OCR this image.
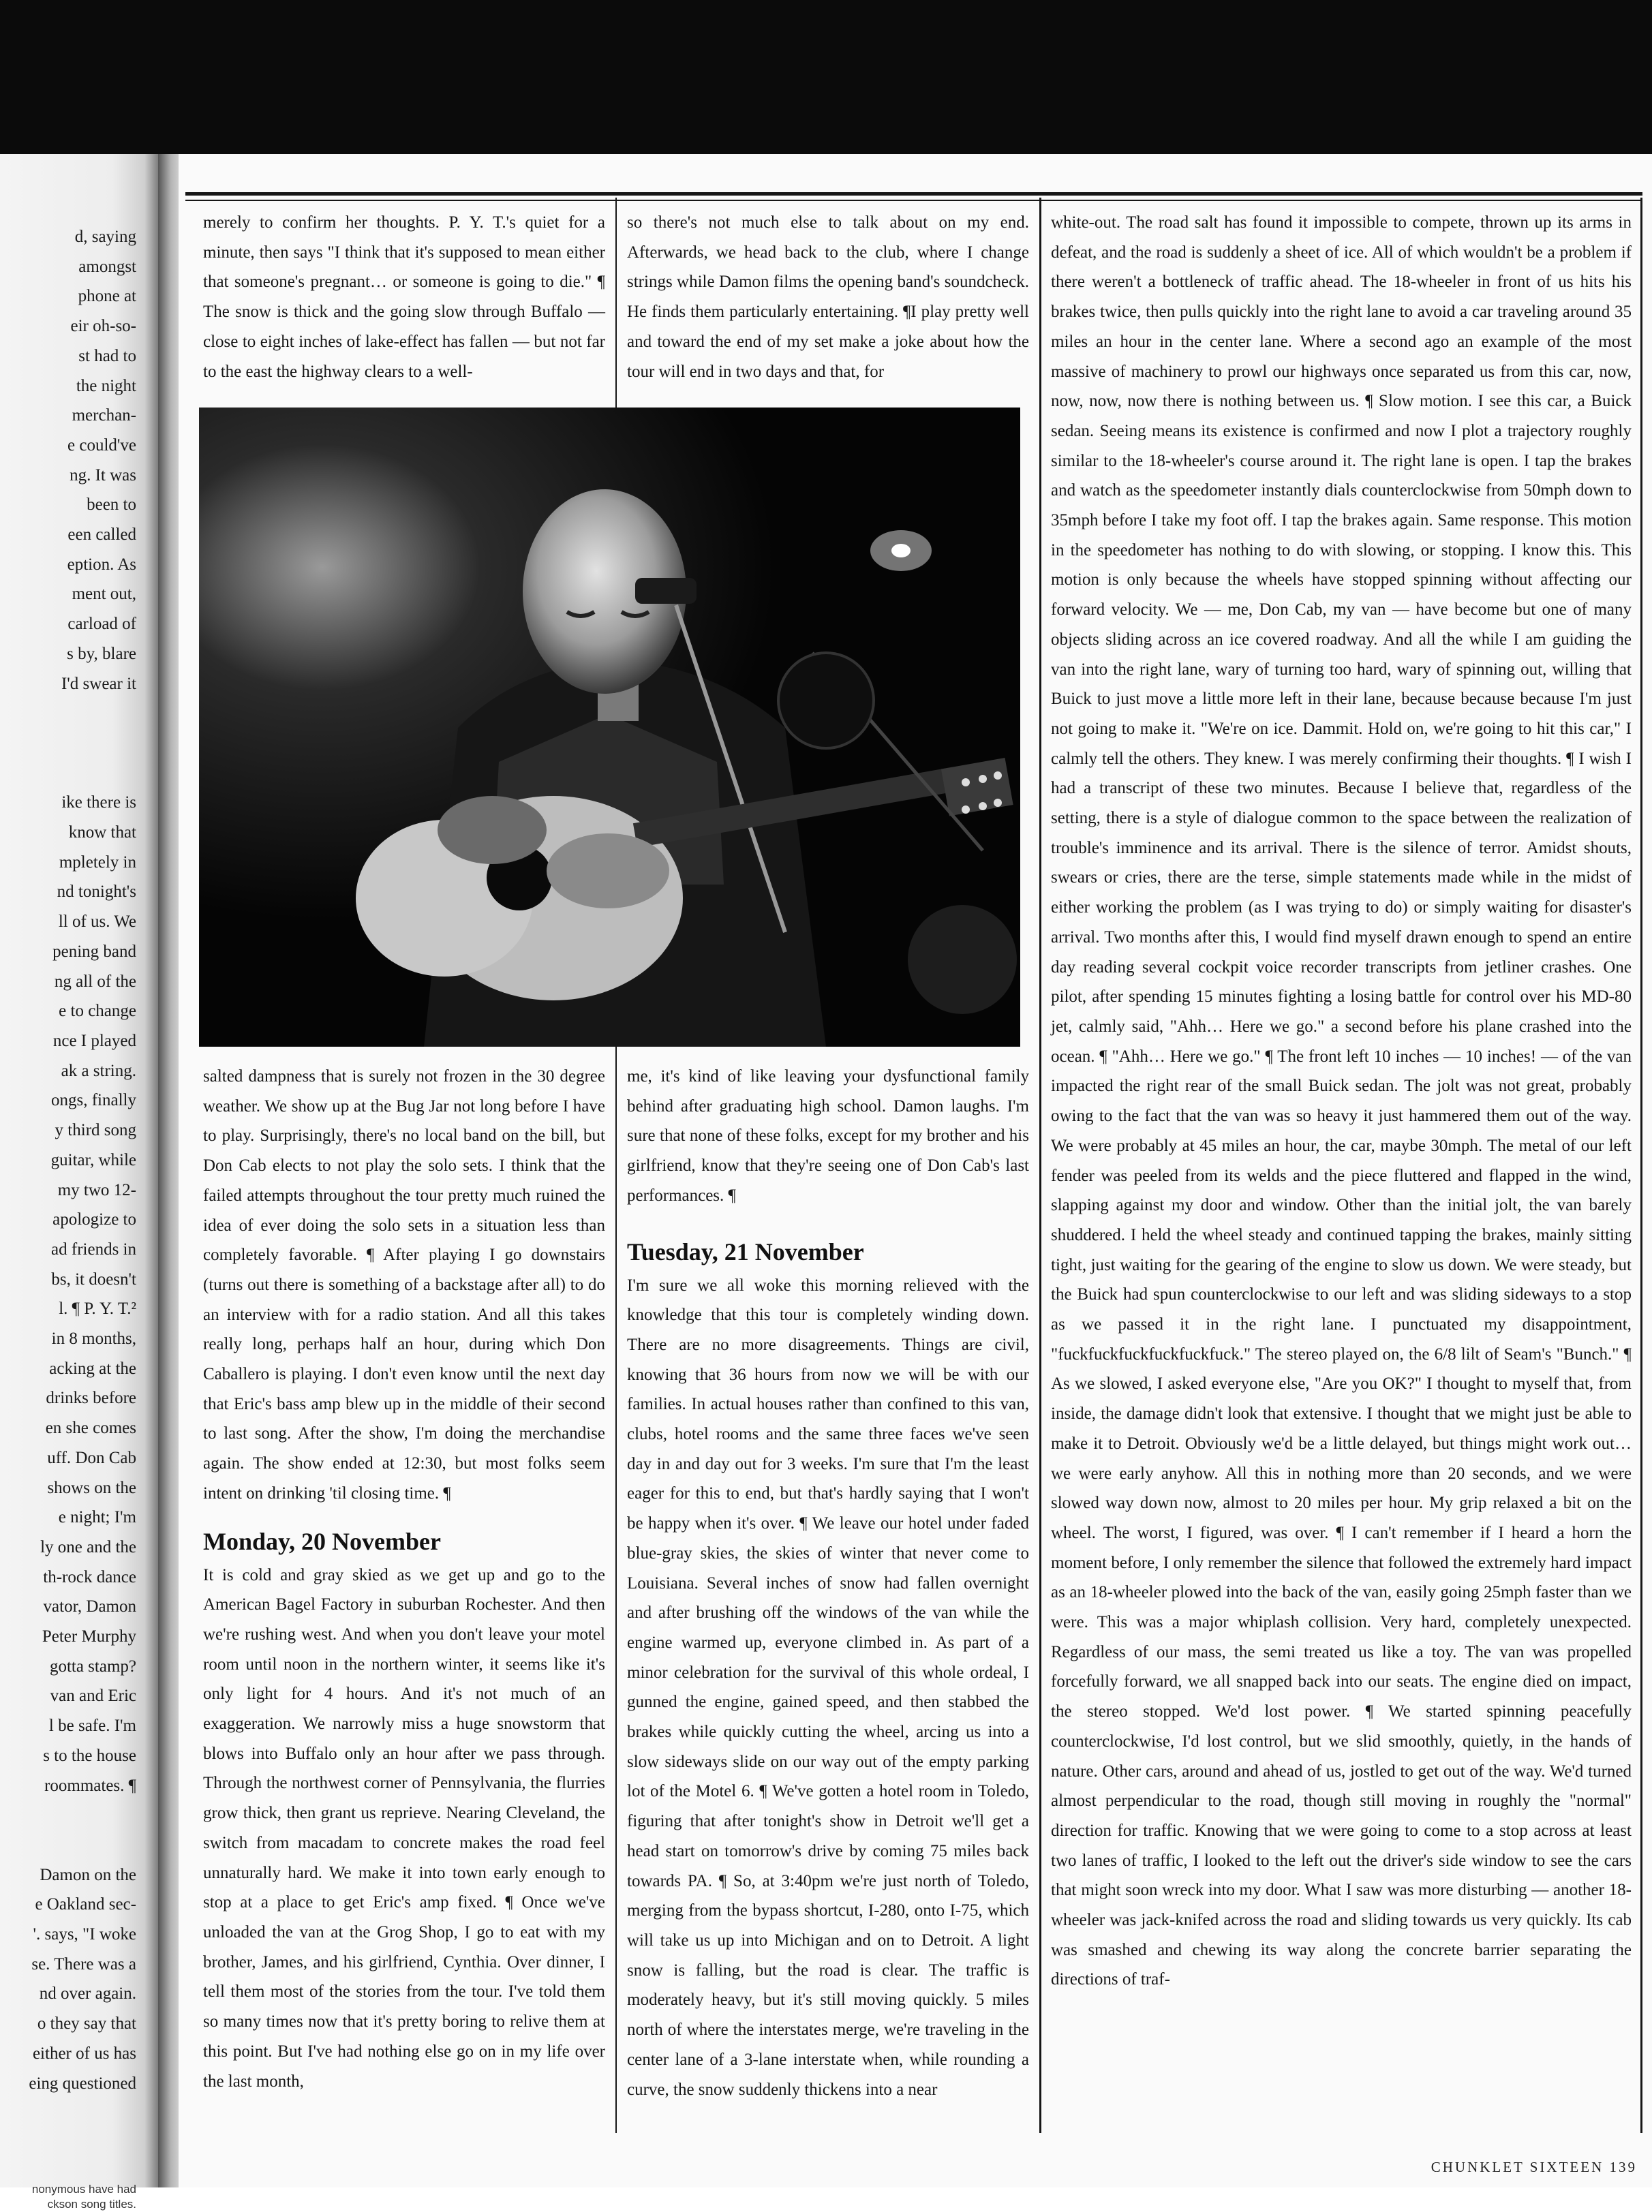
d, saying
amongst
phone at
eir oh-so-
st had to
the night
merchan-
e could've
ng. It was
been to
een called
eption. As
ment out,
carload of
s by, blare
I'd swear it

ike there is
know that
mpletely in
nd tonight's
ll of us. We
pening band
ng all of the
e to change
nce I played
ak a string.
ongs, finally
y third song
guitar, while
my two 12-
apologize to
ad friends in
bs, it doesn't
l. ¶ P. Y. T.²
in 8 months,
acking at the
drinks before
en she comes
uff. Don Cab
shows on the
e night; I'm
ly one and the
th-rock dance
vator, Damon
Peter Murphy
gotta stamp?
van and Eric
l be safe. I'm
s to the house
roommates. ¶

Damon on the
e Oakland sec-
'. says, "I woke
se. There was a
nd over again.
o they say that
either of us has
eing questioned
nonymous have had ckson song titles.

merely to confirm her thoughts. P. Y. T.'s quiet for a minute, then says "I think that it's supposed to mean either that someone's pregnant… or someone is going to die." ¶ The snow is thick and the going slow through Buffalo — close to eight inches of lake-effect has fallen — but not far to the east the highway clears to a well-

so there's not much else to talk about on my end. Afterwards, we head back to the club, where I change strings while Damon films the opening band's soundcheck. He finds them particularly entertaining. ¶I play pretty well and toward the end of my set make a joke about how the tour will end in two days and that, for

salted dampness that is surely not frozen in the 30 degree weather. We show up at the Bug Jar not long before I have to play. Surprisingly, there's no local band on the bill, but Don Cab elects to not play the solo sets. I think that the failed attempts throughout the tour pretty much ruined the idea of ever doing the solo sets in a situation less than completely favorable. ¶ After playing I go downstairs (turns out there is something of a backstage after all) to do an interview with for a radio station. And all this takes really long, perhaps half an hour, during which Don Caballero is playing. I don't even know until the next day that Eric's bass amp blew up in the middle of their second to last song. After the show, I'm doing the merchandise again. The show ended at 12:30, but most folks seem intent on drinking 'til closing time. ¶

Monday, 20 November

It is cold and gray skied as we get up and go to the American Bagel Factory in suburban Rochester. And then we're rushing west. And when you don't leave your motel room until noon in the northern winter, it seems like it's only light for 4 hours. And it's not much of an exaggeration. We narrowly miss a huge snowstorm that blows into Buffalo only an hour after we pass through. Through the northwest corner of Pennsylvania, the flurries grow thick, then grant us reprieve. Nearing Cleveland, the switch from macadam to concrete makes the road feel unnaturally hard. We make it into town early enough to stop at a place to get Eric's amp fixed. ¶ Once we've unloaded the van at the Grog Shop, I go to eat with my brother, James, and his girlfriend, Cynthia. Over dinner, I tell them most of the stories from the tour. I've told them so many times now that it's pretty boring to relive them at this point. But I've had nothing else go on in my life over the last month,

me, it's kind of like leaving your dysfunctional family behind after graduating high school. Damon laughs. I'm sure that none of these folks, except for my brother and his girlfriend, know that they're seeing one of Don Cab's last performances. ¶

Tuesday, 21 November

I'm sure we all woke this morning relieved with the knowledge that this tour is completely winding down. There are no more disagreements. Things are civil, knowing that 36 hours from now we will be with our families. In actual houses rather than confined to this van, clubs, hotel rooms and the same three faces we've seen day in and day out for 3 weeks. I'm sure that I'm the least eager for this to end, but that's hardly saying that I won't be happy when it's over. ¶ We leave our hotel under faded blue-gray skies, the skies of winter that never come to Louisiana. Several inches of snow had fallen overnight and after brushing off the windows of the van while the engine warmed up, everyone climbed in. As part of a minor celebration for the survival of this whole ordeal, I gunned the engine, gained speed, and then stabbed the brakes while quickly cutting the wheel, arcing us into a slow sideways slide on our way out of the empty parking lot of the Motel 6. ¶ We've gotten a hotel room in Toledo, figuring that after tonight's show in Detroit we'll get a head start on tomorrow's drive by coming 75 miles back towards PA. ¶ So, at 3:40pm we're just north of Toledo, merging from the bypass shortcut, I-280, onto I-75, which will take us up into Michigan and on to Detroit. A light snow is falling, but the road is clear. The traffic is moderately heavy, but it's still moving quickly. 5 miles north of where the interstates merge, we're traveling in the center lane of a 3-lane interstate when, while rounding a curve, the snow suddenly thickens into a near

white-out. The road salt has found it impossible to compete, thrown up its arms in defeat, and the road is suddenly a sheet of ice. All of which wouldn't be a problem if there weren't a bottleneck of traffic ahead. The 18-wheeler in front of us hits his brakes twice, then pulls quickly into the right lane to avoid a car traveling around 35 miles an hour in the center lane. Where a second ago an example of the most massive of machinery to prowl our highways once separated us from this car, now, now, now, now there is nothing between us. ¶ Slow motion. I see this car, a Buick sedan. Seeing means its existence is confirmed and now I plot a trajectory roughly similar to the 18-wheeler's course around it. The right lane is open. I tap the brakes and watch as the speedometer instantly dials counterclockwise from 50mph down to 35mph before I take my foot off. I tap the brakes again. Same response. This motion in the speedometer has nothing to do with slowing, or stopping. I know this. This motion is only because the wheels have stopped spinning without affecting our forward velocity. We — me, Don Cab, my van — have become but one of many objects sliding across an ice covered roadway. And all the while I am guiding the van into the right lane, wary of turning too hard, wary of spinning out, willing that Buick to just move a little more left in their lane, because because because I'm just not going to make it. "We're on ice. Dammit. Hold on, we're going to hit this car," I calmly tell the others. They knew. I was merely confirming their thoughts. ¶ I wish I had a transcript of these two minutes. Because I believe that, regardless of the setting, there is a style of dialogue common to the space between the realization of trouble's imminence and its arrival. There is the silence of terror. Amidst shouts, swears or cries, there are the terse, simple statements made while in the midst of either working the problem (as I was trying to do) or simply waiting for disaster's arrival. Two months after this, I would find myself drawn enough to spend an entire day reading several cockpit voice recorder transcripts from jetliner crashes. One pilot, after spending 15 minutes fighting a losing battle for control over his MD-80 jet, calmly said, "Ahh… Here we go." a second before his plane crashed into the ocean. ¶ "Ahh… Here we go." ¶ The front left 10 inches — 10 inches! — of the van impacted the right rear of the small Buick sedan. The jolt was not great, probably owing to the fact that the van was so heavy it just hammered them out of the way. We were probably at 45 miles an hour, the car, maybe 30mph. The metal of our left fender was peeled from its welds and the piece fluttered and flapped in the wind, slapping against my door and window. Other than the initial jolt, the van barely shuddered. I held the wheel steady and continued tapping the brakes, mainly sitting tight, just waiting for the gearing of the engine to slow us down. We were steady, but the Buick had spun counterclockwise to our left and was sliding sideways to a stop as we passed it in the right lane. I punctuated my disappointment, "fuckfuckfuckfuckfuckfuck." The stereo played on, the 6/8 lilt of Seam's "Bunch." ¶ As we slowed, I asked everyone else, "Are you OK?" I thought to myself that, from inside, the damage didn't look that extensive. I thought that we might just be able to make it to Detroit. Obviously we'd be a little delayed, but things might work out… we were early anyhow. All this in nothing more than 20 seconds, and we were slowed way down now, almost to 20 miles per hour. My grip relaxed a bit on the wheel. The worst, I figured, was over. ¶ I can't remember if I heard a horn the moment before, I only remember the silence that followed the extremely hard impact as an 18-wheeler plowed into the back of the van, easily going 25mph faster than we were. This was a major whiplash collision. Very hard, completely unexpected. Regardless of our mass, the semi treated us like a toy. The van was propelled forcefully forward, we all snapped back into our seats. The engine died on impact, the stereo stopped. We'd lost power. ¶ We started spinning peacefully counterclockwise, I'd lost control, but we slid smoothly, quietly, in the hands of nature. Other cars, around and ahead of us, jostled to get out of the way. We'd turned almost perpendicular to the road, though still moving in roughly the "normal" direction for traffic. Knowing that we were going to come to a stop across at least two lanes of traffic, I looked to the left out the driver's side window to see the cars that might soon wreck into my door. What I saw was more disturbing — another 18-wheeler was jack-knifed across the road and sliding towards us very quickly. Its cab was smashed and chewing its way along the concrete barrier separating the directions of traf-

CHUNKLET SIXTEEN 139
